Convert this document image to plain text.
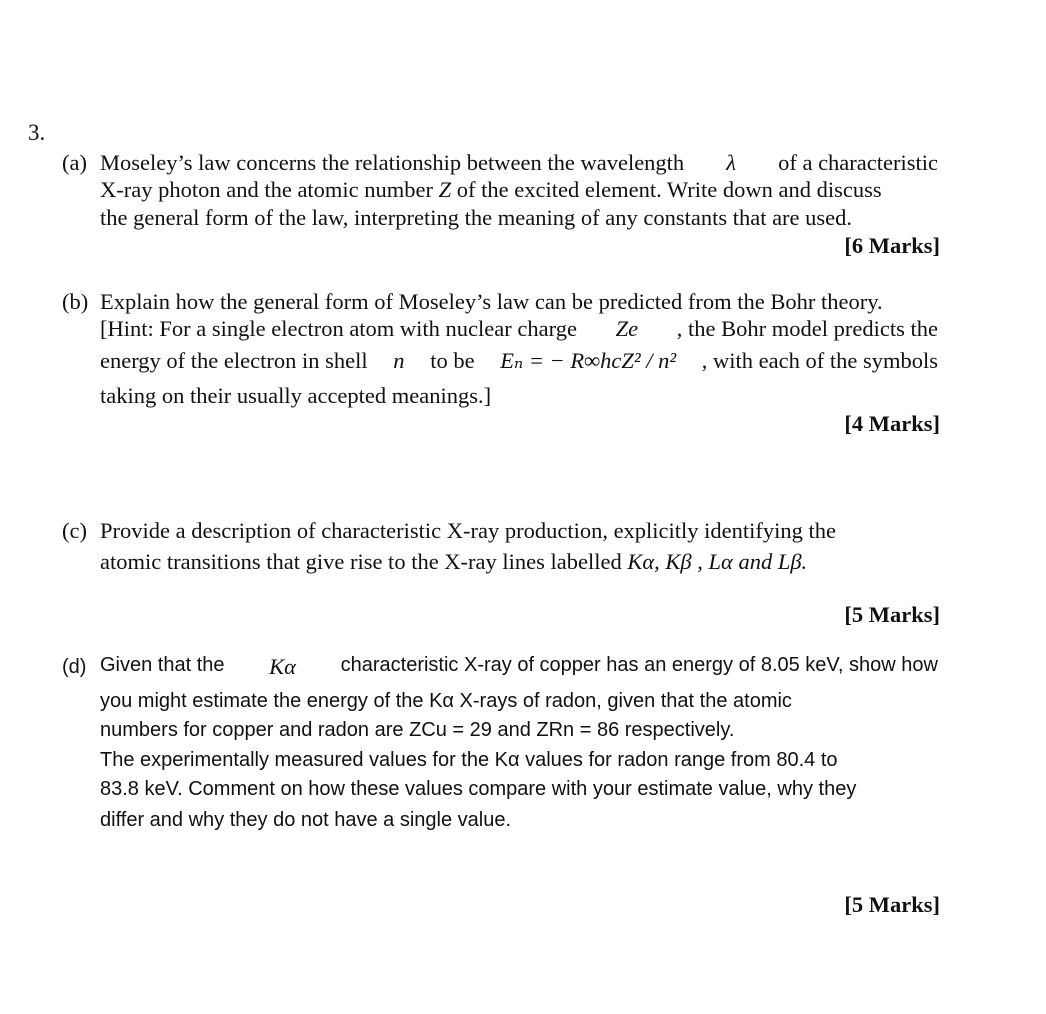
3.
(a) Moseley’s law concerns the relationship between the wavelength λ of a characteristic
X-ray photon and the atomic number Z of the excited element. Write down and discuss
the general form of the law, interpreting the meaning of any constants that are used.
[6 Marks]
(b) Explain how the general form of Moseley’s law can be predicted from the Bohr theory.
[Hint: For a single electron atom with nuclear charge Ze , the Bohr model predicts the
energy of the electron in shell n to be Eₙ = − R∞hcZ² / n² , with each of the symbols
taking on their usually accepted meanings.]
[4 Marks]
(c) Provide a description of characteristic X-ray production, explicitly identifying the
atomic transitions that give rise to the X-ray lines labelled Kα, Kβ , Lα and Lβ.
[5 Marks]
(d) Given that the Kα characteristic X-ray of copper has an energy of 8.05 keV, show how
you might estimate the energy of the Kα X-rays of radon, given that the atomic
numbers for copper and radon are ZCu = 29 and ZRn = 86 respectively.
The experimentally measured values for the Kα values for radon range from 80.4 to
83.8 keV. Comment on how these values compare with your estimate value, why they
differ and why they do not have a single value.
[5 Marks]
